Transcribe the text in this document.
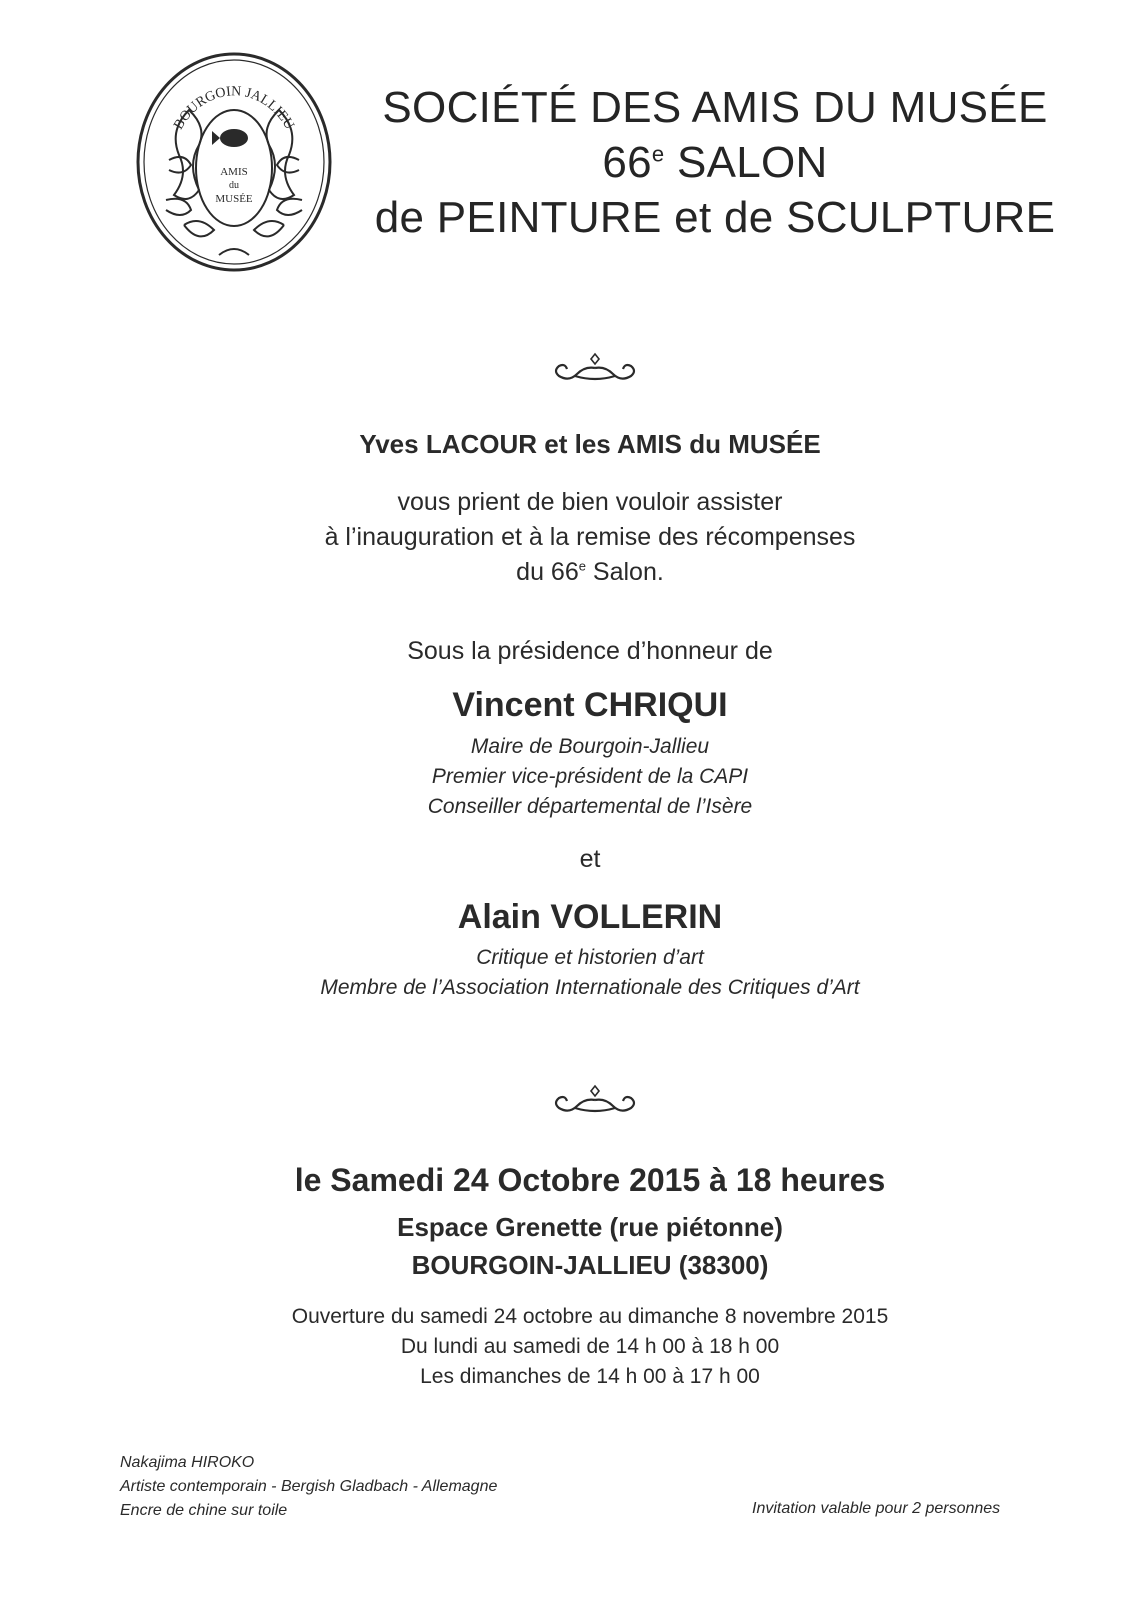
BOURGOIN JALLIEU
AMIS
du
MUSÉE
SOCIÉTÉ DES AMIS DU MUSÉE
66e SALON
de PEINTURE et de SCULPTURE
Yves LACOUR et les AMIS du MUSÉE
vous prient de bien vouloir assister
à l’inauguration et à la remise des récompenses
du 66e Salon.
Sous la présidence d’honneur de
Vincent CHRIQUI
Maire de Bourgoin-Jallieu
Premier vice-président de la CAPI
Conseiller départemental de l’Isère
et
Alain VOLLERIN
Critique et historien d’art
Membre de l’Association Internationale des Critiques d’Art
le Samedi 24 Octobre 2015 à 18 heures
Espace Grenette (rue piétonne)
BOURGOIN-JALLIEU (38300)
Ouverture du samedi 24 octobre au dimanche 8 novembre 2015
Du lundi au samedi de 14 h 00 à 18 h 00
Les dimanches de 14 h 00 à 17 h 00
Nakajima HIROKO
Artiste contemporain - Bergish Gladbach - Allemagne
Encre de chine sur toile	Invitation valable pour 2 personnes
